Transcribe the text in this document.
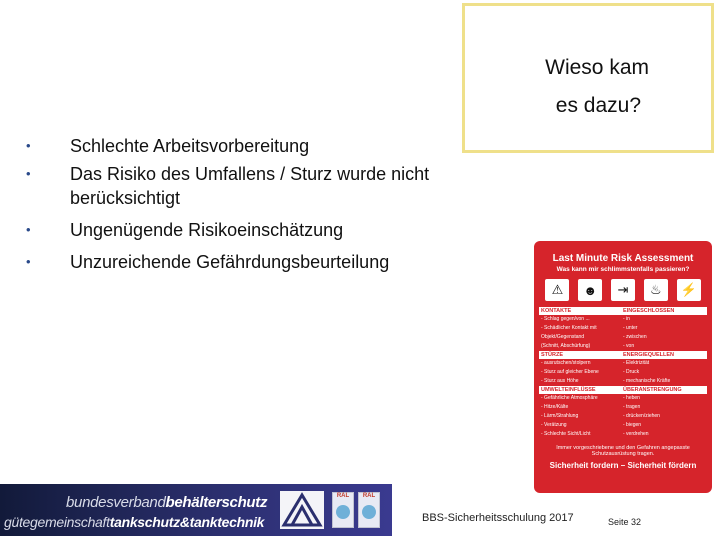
Wieso kam
es dazu?
• Schlechte Arbeitsvorbereitung
• Das Risiko des Umfallens / Sturz wurde nicht berücksichtigt
• Ungenügende Risikoeinschätzung
• Unzureichende Gefährdungsbeurteilung	Last Minute Risk Assessment
Was kann mir schlimmstenfalls passieren?
⚠	☻	⇥	♨	⚡
KONTAKTE	EINGESCHLOSSEN
- Schlag gegen/von ...	- in
- Schädlicher Kontakt mit	- unter
Objekt/Gegenstand	- zwischen
(Schnitt, Abschürfung)	- von
STÜRZE	ENERGIEQUELLEN
- ausrutschen/stolpern	- Elektrizität
- Sturz auf gleicher Ebene	- Druck
- Sturz aus Höhe	- mechanische Kräfte
UMWELTEINFLÜSSE	ÜBERANSTRENGUNG
- Gefährliche Atmosphäre	- heben
- Hitze/Kälte	- tragen
- Lärm/Strahlung	- drücken/ziehen
- Verätzung	- biegen
- Schlechte Sicht/Licht	- verdrehen
Immer vorgeschriebene und den Gefahren angepasste Schutzausrüstung tragen.
Sicherheit fordern – Sicherheit fördern
bundesverbandbehälterschutz
gütegemeinschafttankschutz&tanktechnik
RAL	RAL
BBS-Sicherheitsschulung 2017	Seite 32
